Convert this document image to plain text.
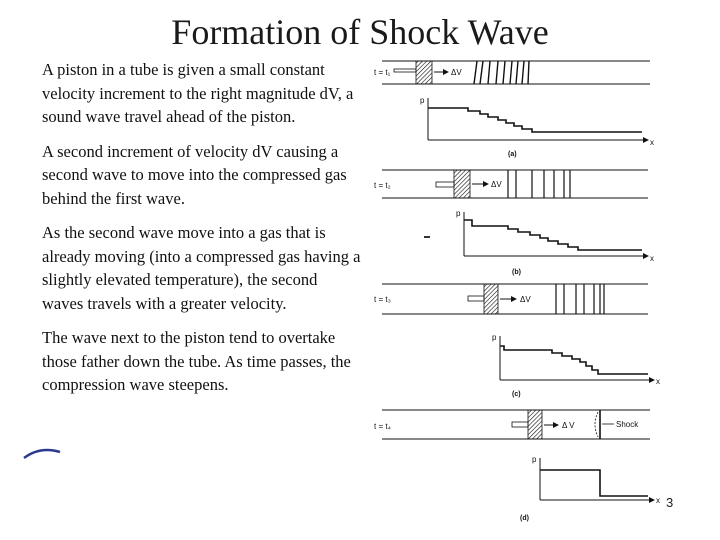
Formation of Shock Wave

A piston in a tube is given a small constant velocity increment to the right magnitude dV, a sound wave travel ahead of the piston.

A second increment of velocity dV causing a second wave to move into the compressed gas behind the first wave.

As the second wave move into a gas that is already moving (into a compressed gas having a slightly elevated temperature), the second waves travels with a greater velocity.

The wave next to the piston tend to overtake those father down the tube. As time passes, the compression wave steepens.

t = t₁	ΔV
p
x
(a)
t = t₂	ΔV
p
x
(b)
t = t₃	ΔV
p
x
(c)
t = t₄	Δ V	Shock
p
x
(d)
3
